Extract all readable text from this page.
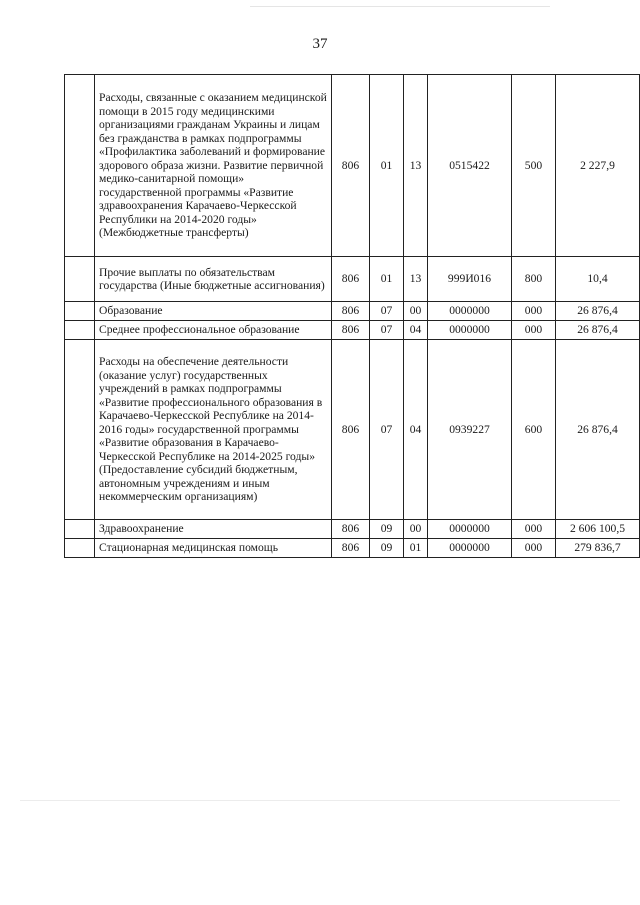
37
	Расходы, связанные с оказанием медицинской помощи в 2015 году медицинскими организациями гражданам Украины и лицам без гражданства в рамках подпрограммы «Профилактика заболеваний и формирование здорового образа жизни. Развитие первичной медико-санитарной помощи» государственной программы «Развитие здравоохранения Карачаево-Черкесской Республики на 2014-2020 годы» (Межбюджетные трансферты)	806	01	13	0515422	500	2 227,9
	Прочие выплаты по обязательствам государства (Иные бюджетные ассигнования)	806	01	13	999И016	800	10,4
	Образование	806	07	00	0000000	000	26 876,4
	Среднее профессиональное образование	806	07	04	0000000	000	26 876,4
	Расходы на обеспечение деятельности (оказание услуг) государственных учреждений в рамках подпрограммы «Развитие профессионального образования в Карачаево-Черкесской Республике на 2014-2016 годы» государственной программы «Развитие образования в Карачаево-Черкесской Республике на 2014-2025 годы» (Предоставление субсидий бюджетным, автономным учреждениям и иным некоммерческим организациям)	806	07	04	0939227	600	26 876,4
	Здравоохранение	806	09	00	0000000	000	2 606 100,5
	Стационарная медицинская помощь	806	09	01	0000000	000	279 836,7
